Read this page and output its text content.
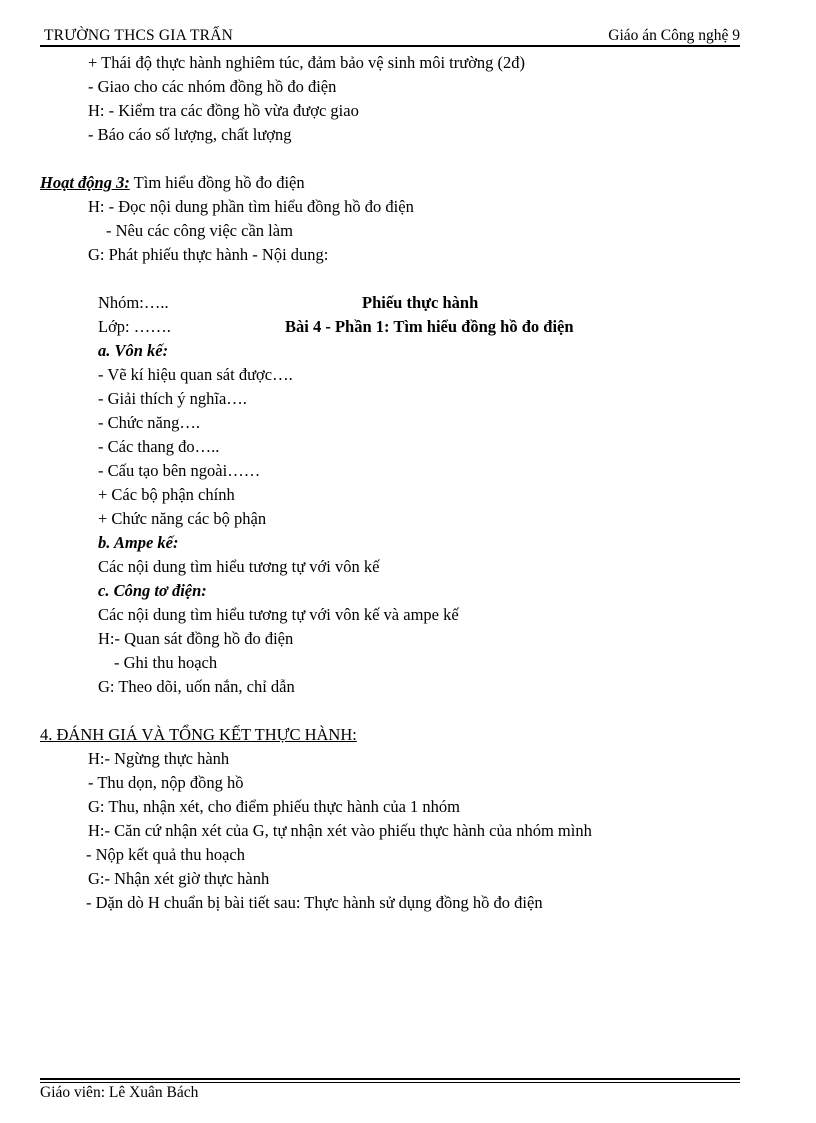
TRƯỜNG THCS GIA TRẤN	Giáo án Công nghệ 9
+ Thái độ thực hành nghiêm túc, đảm bảo vệ sinh môi trường (2đ)
- Giao cho các nhóm đồng hồ đo điện
H: - Kiểm tra các đồng hồ vừa được giao
- Báo cáo số lượng, chất lượng
Hoạt động 3: Tìm hiểu đồng hồ đo điện
H: - Đọc nội dung phần tìm hiểu đồng hồ đo điện
- Nêu các công việc cần làm
G: Phát phiếu thực hành - Nội dung:
Nhóm:…..	Phiếu thực hành
Lớp: …….	Bài 4 - Phần 1: Tìm hiểu đồng hồ đo điện
a. Vôn kế:
- Vẽ kí hiệu quan sát được….
- Giải thích ý nghĩa….
- Chức năng….
- Các thang đo…..
- Cấu tạo bên ngoài……
+ Các bộ phận chính
+ Chức năng các bộ phận
b. Ampe kế:
Các nội dung tìm hiểu tương tự với vôn kế
c. Công tơ điện:
Các nội dung tìm hiểu tương tự với vôn kế và ampe kế
H:- Quan sát đồng hồ đo điện
- Ghi thu hoạch
G: Theo dõi, uốn nắn, chỉ dẫn
4. ĐÁNH GIÁ VÀ TỔNG KẾT THỰC HÀNH:
H:- Ngừng thực hành
- Thu dọn, nộp đồng hồ
G: Thu, nhận xét, cho điểm phiếu thực hành của 1 nhóm
H:- Căn cứ nhận xét của G, tự nhận xét vào phiếu thực hành của nhóm mình
- Nộp kết quả thu hoạch
G:- Nhận xét giờ thực hành
- Dặn dò H chuẩn bị bài tiết sau: Thực hành sử dụng đồng hồ đo điện
Giáo viên: Lê Xuân Bách
